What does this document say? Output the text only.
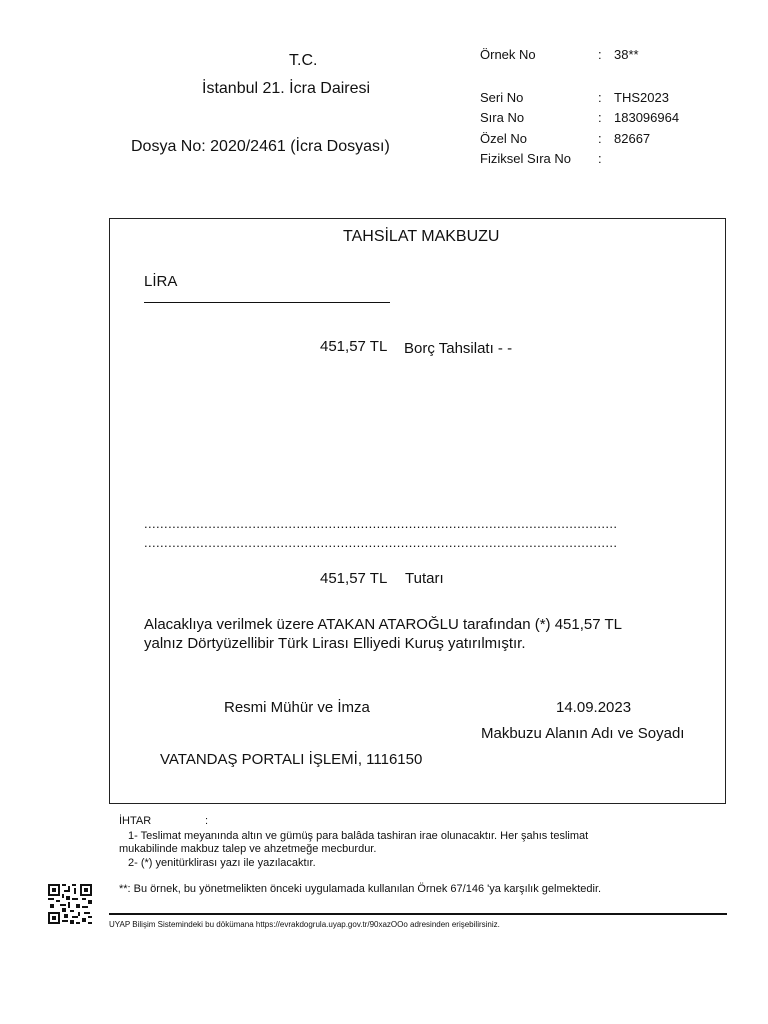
T.C.
İstanbul 21. İcra Dairesi
Dosya No: 2020/2461 (İcra Dosyası)
Örnek No	: 38**
Seri No	: THS2023
Sıra No	: 183096964
Özel No	: 82667
Fiziksel Sıra No :
TAHSİLAT MAKBUZU
LİRA
451,57 TL Borç Tahsilatı - -
......................................................................................................................
......................................................................................................................
451,57 TL Tutarı
Alacaklıya verilmek üzere ATAKAN ATAROĞLU tarafından (*) 451,57 TL
yalnız Dörtyüzellibir Türk Lirası Elliyedi Kuruş yatırılmıştır.
Resmi Mühür ve İmza	14.09.2023
Makbuzu Alanın Adı ve Soyadı
VATANDAŞ PORTALI İŞLEMİ, 1116150
İHTAR	:
1- Teslimat meyanında altın ve gümüş para balâda tashiran irae olunacaktır. Her şahıs teslimat
mukabilinde makbuz talep ve ahzetmeğe mecburdur.
2- (*) yenitürklirası yazı ile yazılacaktır.
**: Bu örnek, bu yönetmelikten önceki uygulamada kullanılan Örnek 67/146 'ya karşılık gelmektedir.
UYAP Bilişim Sistemindeki bu dökümana https://evrakdogrula.uyap.gov.tr/90xazOOo adresinden erişebilirsiniz.
